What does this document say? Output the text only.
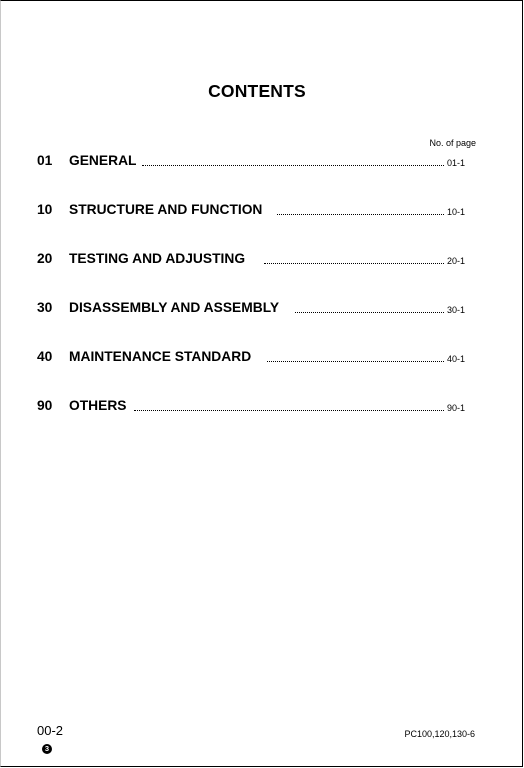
CONTENTS
No. of page
01 GENERAL	01-1
10 STRUCTURE AND FUNCTION	10-1
20 TESTING AND ADJUSTING	20-1
30 DISASSEMBLY AND ASSEMBLY	30-1
40 MAINTENANCE STANDARD	40-1
90 OTHERS	90-1
00-2
3
PC100,120,130-6
